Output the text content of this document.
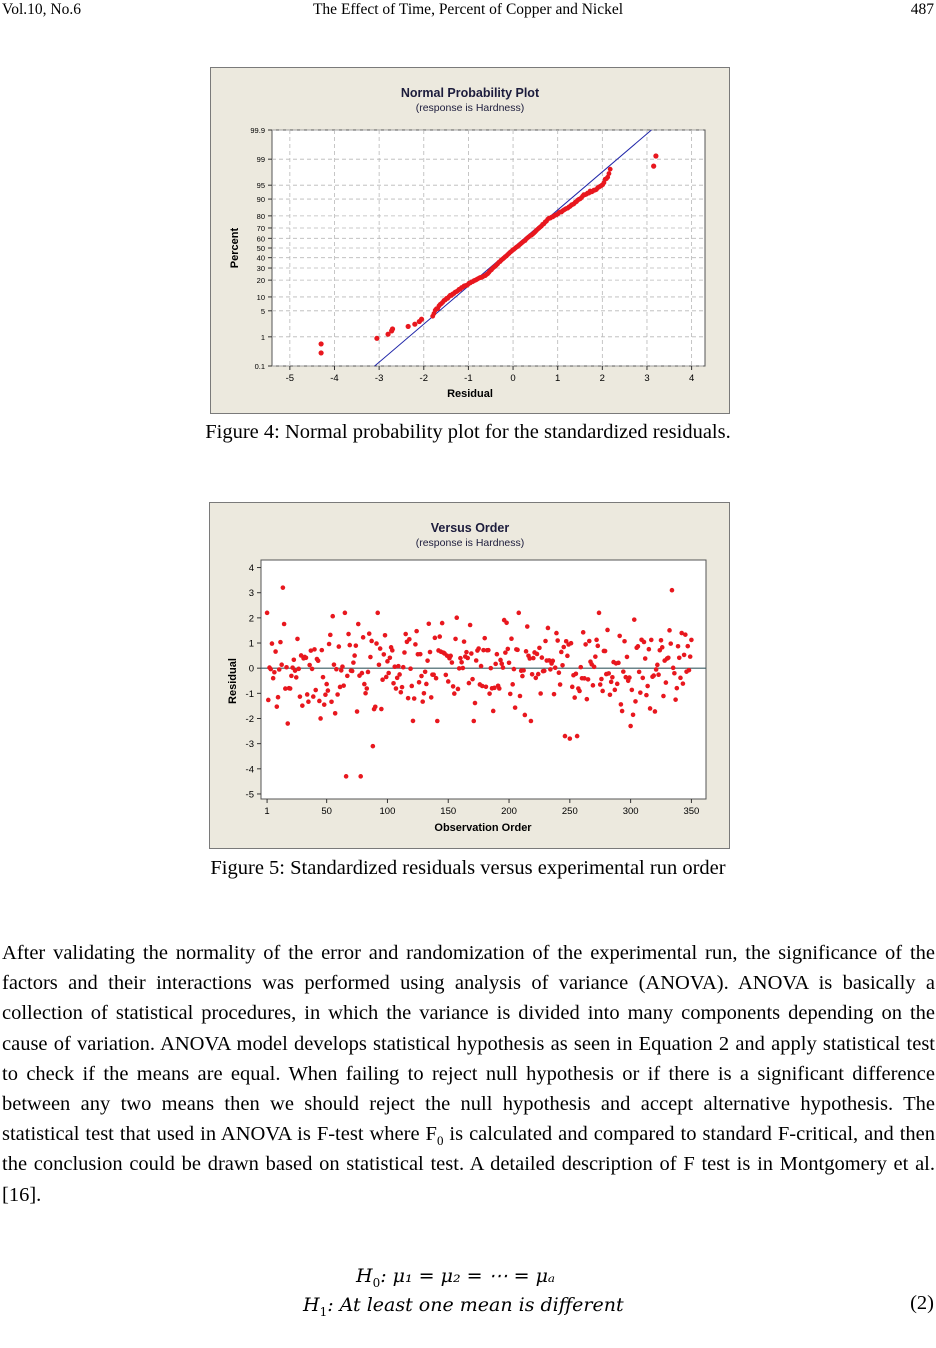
Vol.10, No.6	The Effect of Time, Percent of Copper and Nickel	487
Normal Probability Plot
(response is Hardness)
-5	-4	-3	-2	-1	0	1	2	3	4
0.1
1
5
10
20
30
40
50
60
70
80
90
95
99
99.9
Residual
Percent
Figure 4: Normal probability plot for the standardized residuals.
Versus Order
(response is Hardness)
1	50	100	150	200	250	300	350
4
3
2
1
0
-1
-2
-3
-4
-5
Observation Order
Residual
Figure 5: Standardized residuals versus experimental run order

After validating the normality of the error and randomization of the experimental run, the significance of the factors and their interactions was performed using analysis of variance (ANOVA). ANOVA is basically a collection of statistical procedures, in which the variance is divided into many components depending on the cause of variation. ANOVA model develops statistical hypothesis as seen in Equation 2 and apply statistical test to check if the means are equal. When failing to reject null hypothesis or if there is a significant difference between any two means then we should reject the null hypothesis and accept alternative hypothesis. The statistical test that used in ANOVA is F-test where $F_0$ is calculated and compared to standard F-critical, and then the conclusion could be drawn based on statistical test. A detailed description of F test is in Montgomery et al. [16].

$H_0$: μ₁ = μ₂ = ⋯ = μₐ
$H_1$: At least one mean is different	(2)
